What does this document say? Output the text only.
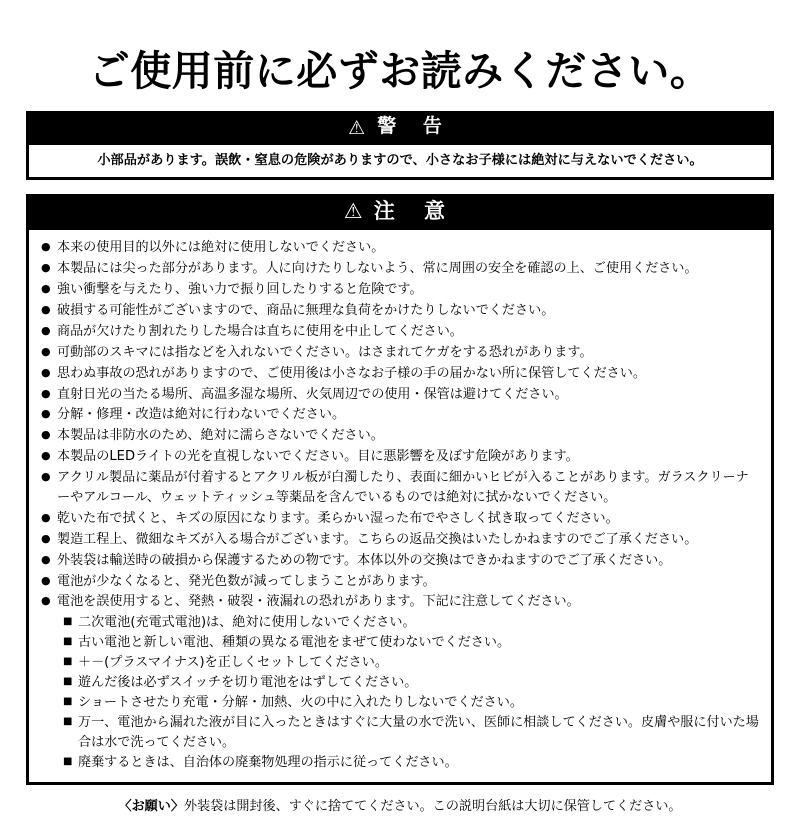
ご使用前に必ずお読みください。
⚠ 警 告
小部品があります。誤飲・窒息の危険がありますので、小さなお子様には絶対に与えないでください。
⚠注 意
● 本来の使用目的以外には絶対に使用しないでください。
● 本製品には尖った部分があります。人に向けたりしないよう、常に周囲の安全を確認の上、ご使用ください。
● 強い衝撃を与えたり、強い力で振り回したりすると危険です。
● 破損する可能性がございますので、商品に無理な負荷をかけたりしないでください。
● 商品が欠けたり割れたりした場合は直ちに使用を中止してください。
● 可動部のスキマには指などを入れないでください。はさまれてケガをする恐れがあります。
● 思わぬ事故の恐れがありますので、ご使用後は小さなお子様の手の届かない所に保管してください。
● 直射日光の当たる場所、高温多湿な場所、火気周辺での使用・保管は避けてください。
● 分解・修理・改造は絶対に行わないでください。
● 本製品は非防水のため、絶対に濡らさないでください。
● 本製品のLEDライトの光を直視しないでください。目に悪影響を及ぼす危険があります。
● アクリル製品に薬品が付着するとアクリル板が白濁したり、表面に細かいヒビが入ることがあります。ガラスクリーナーやアルコール、ウェットティッシュ等薬品を含んでいるものでは絶対に拭かないでください。
● 乾いた布で拭くと、キズの原因になります。柔らかい湿った布でやさしく拭き取ってください。
● 製造工程上、微細なキズが入る場合がございます。こちらの返品交換はいたしかねますのでご了承ください。
● 外装袋は輸送時の破損から保護するための物です。本体以外の交換はできかねますのでご了承ください。
● 電池が少なくなると、発光色数が減ってしまうことがあります。
● 電池を誤使用すると、発熱・破裂・液漏れの恐れがあります。下記に注意してください。
■ 二次電池(充電式電池)は、絶対に使用しないでください。
■ 古い電池と新しい電池、種類の異なる電池をまぜて使わないでください。
■ ＋－(プラスマイナス)を正しくセットしてください。
■ 遊んだ後は必ずスイッチを切り電池をはずしてください。
■ ショートさせたり充電・分解・加熱、火の中に入れたりしないでください。
■ 万一、電池から漏れた液が目に入ったときはすぐに大量の水で洗い、医師に相談してください。皮膚や服に付いた場合は水で洗ってください。
■ 廃棄するときは、自治体の廃棄物処理の指示に従ってください。
〈お願い〉外装袋は開封後、すぐに捨ててください。この説明台紙は大切に保管してください。
